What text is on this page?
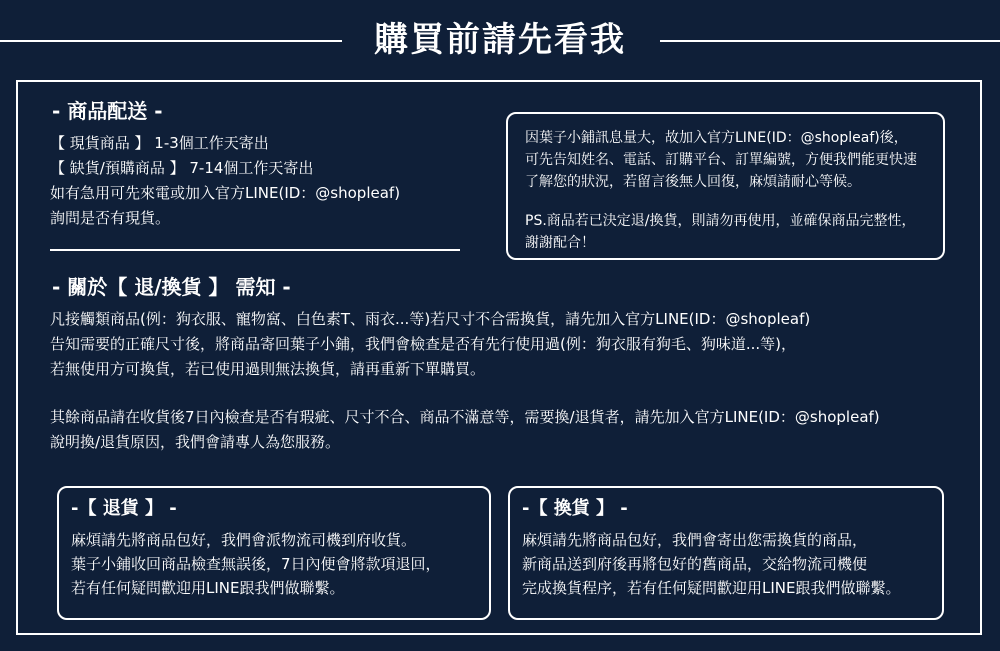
購買前請先看我
- 商品配送 -
【 現貨商品 】 1-3個工作天寄出
【 缺貨/預購商品 】 7-14個工作天寄出
如有急用可先來電或加入官方LINE(ID：@shopleaf)
詢問是否有現貨。
因葉子小鋪訊息量大，故加入官方LINE(ID：@shopleaf)後，
可先告知姓名、電話、訂購平台、訂單編號，方便我們能更快速
了解您的狀況，若留言後無人回復，麻煩請耐心等候。
PS.商品若已決定退/換貨，則請勿再使用，並確保商品完整性，
謝謝配合！
- 關於【 退/換貨 】 需知 -
凡接觸類商品(例：狗衣服、寵物窩、白色素T、雨衣...等)若尺寸不合需換貨，請先加入官方LINE(ID：@shopleaf)
告知需要的正確尺寸後，將商品寄回葉子小鋪，我們會檢查是否有先行使用過(例：狗衣服有狗毛、狗味道...等)，
若無使用方可換貨，若已使用過則無法換貨，請再重新下單購買。
其餘商品請在收貨後7日內檢查是否有瑕疵、尺寸不合、商品不滿意等，需要換/退貨者，請先加入官方LINE(ID：@shopleaf)
說明換/退貨原因，我們會請專人為您服務。
-【 退貨 】 -
麻煩請先將商品包好，我們會派物流司機到府收貨。
葉子小鋪收回商品檢查無誤後，7日內便會將款項退回，
若有任何疑問歡迎用LINE跟我們做聯繫。
-【 換貨 】 -
麻煩請先將商品包好，我們會寄出您需換貨的商品，
新商品送到府後再將包好的舊商品，交給物流司機便
完成換貨程序，若有任何疑問歡迎用LINE跟我們做聯繫。
